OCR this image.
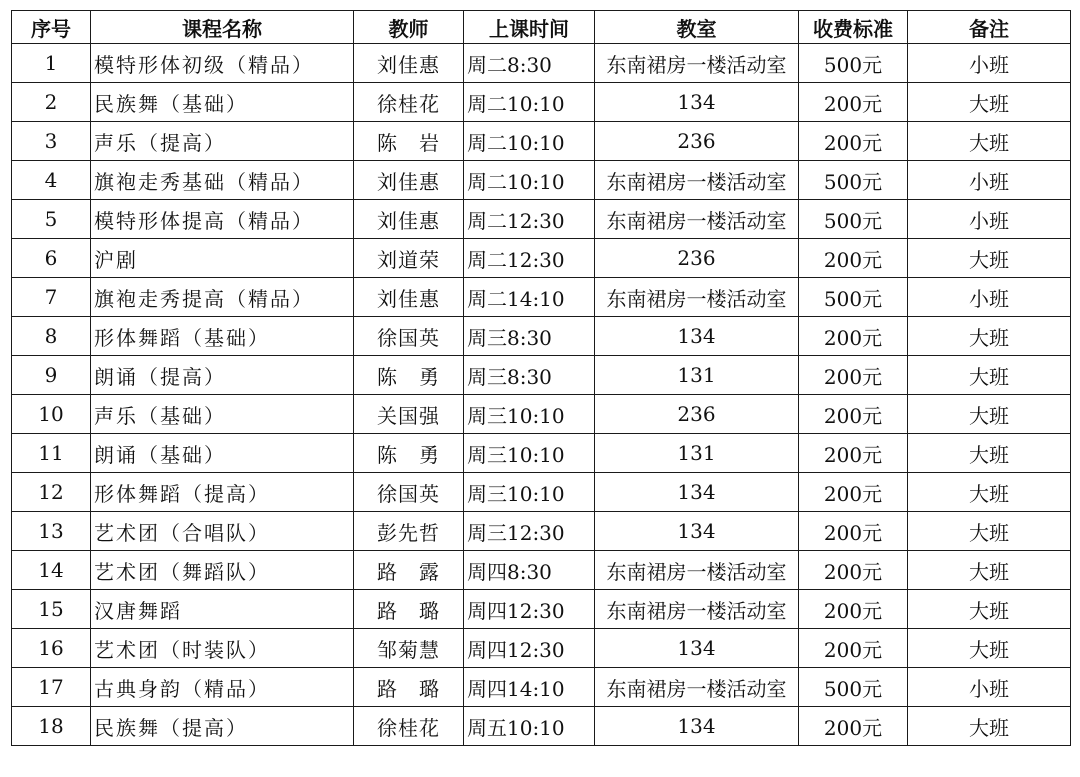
序号	课程名称	教师	上课时间	教室	收费标准	备注
1	模特形体初级（精品）	刘佳惠	周二8:30	东南裙房一楼活动室	500元	小班
2	民族舞（基础）	徐桂花	周二10:10	134	200元	大班
3	声乐（提高）	陈　岩	周二10:10	236	200元	大班
4	旗袍走秀基础（精品）	刘佳惠	周二10:10	东南裙房一楼活动室	500元	小班
5	模特形体提高（精品）	刘佳惠	周二12:30	东南裙房一楼活动室	500元	小班
6	沪剧	刘道荣	周二12:30	236	200元	大班
7	旗袍走秀提高（精品）	刘佳惠	周二14:10	东南裙房一楼活动室	500元	小班
8	形体舞蹈（基础）	徐国英	周三8:30	134	200元	大班
9	朗诵（提高）	陈　勇	周三8:30	131	200元	大班
10	声乐（基础）	关国强	周三10:10	236	200元	大班
11	朗诵（基础）	陈　勇	周三10:10	131	200元	大班
12	形体舞蹈（提高）	徐国英	周三10:10	134	200元	大班
13	艺术团（合唱队）	彭先哲	周三12:30	134	200元	大班
14	艺术团（舞蹈队）	路　露	周四8:30	东南裙房一楼活动室	200元	大班
15	汉唐舞蹈	路　璐	周四12:30	东南裙房一楼活动室	200元	大班
16	艺术团（时装队）	邹菊慧	周四12:30	134	200元	大班
17	古典身韵（精品）	路　璐	周四14:10	东南裙房一楼活动室	500元	小班
18	民族舞（提高）	徐桂花	周五10:10	134	200元	大班
